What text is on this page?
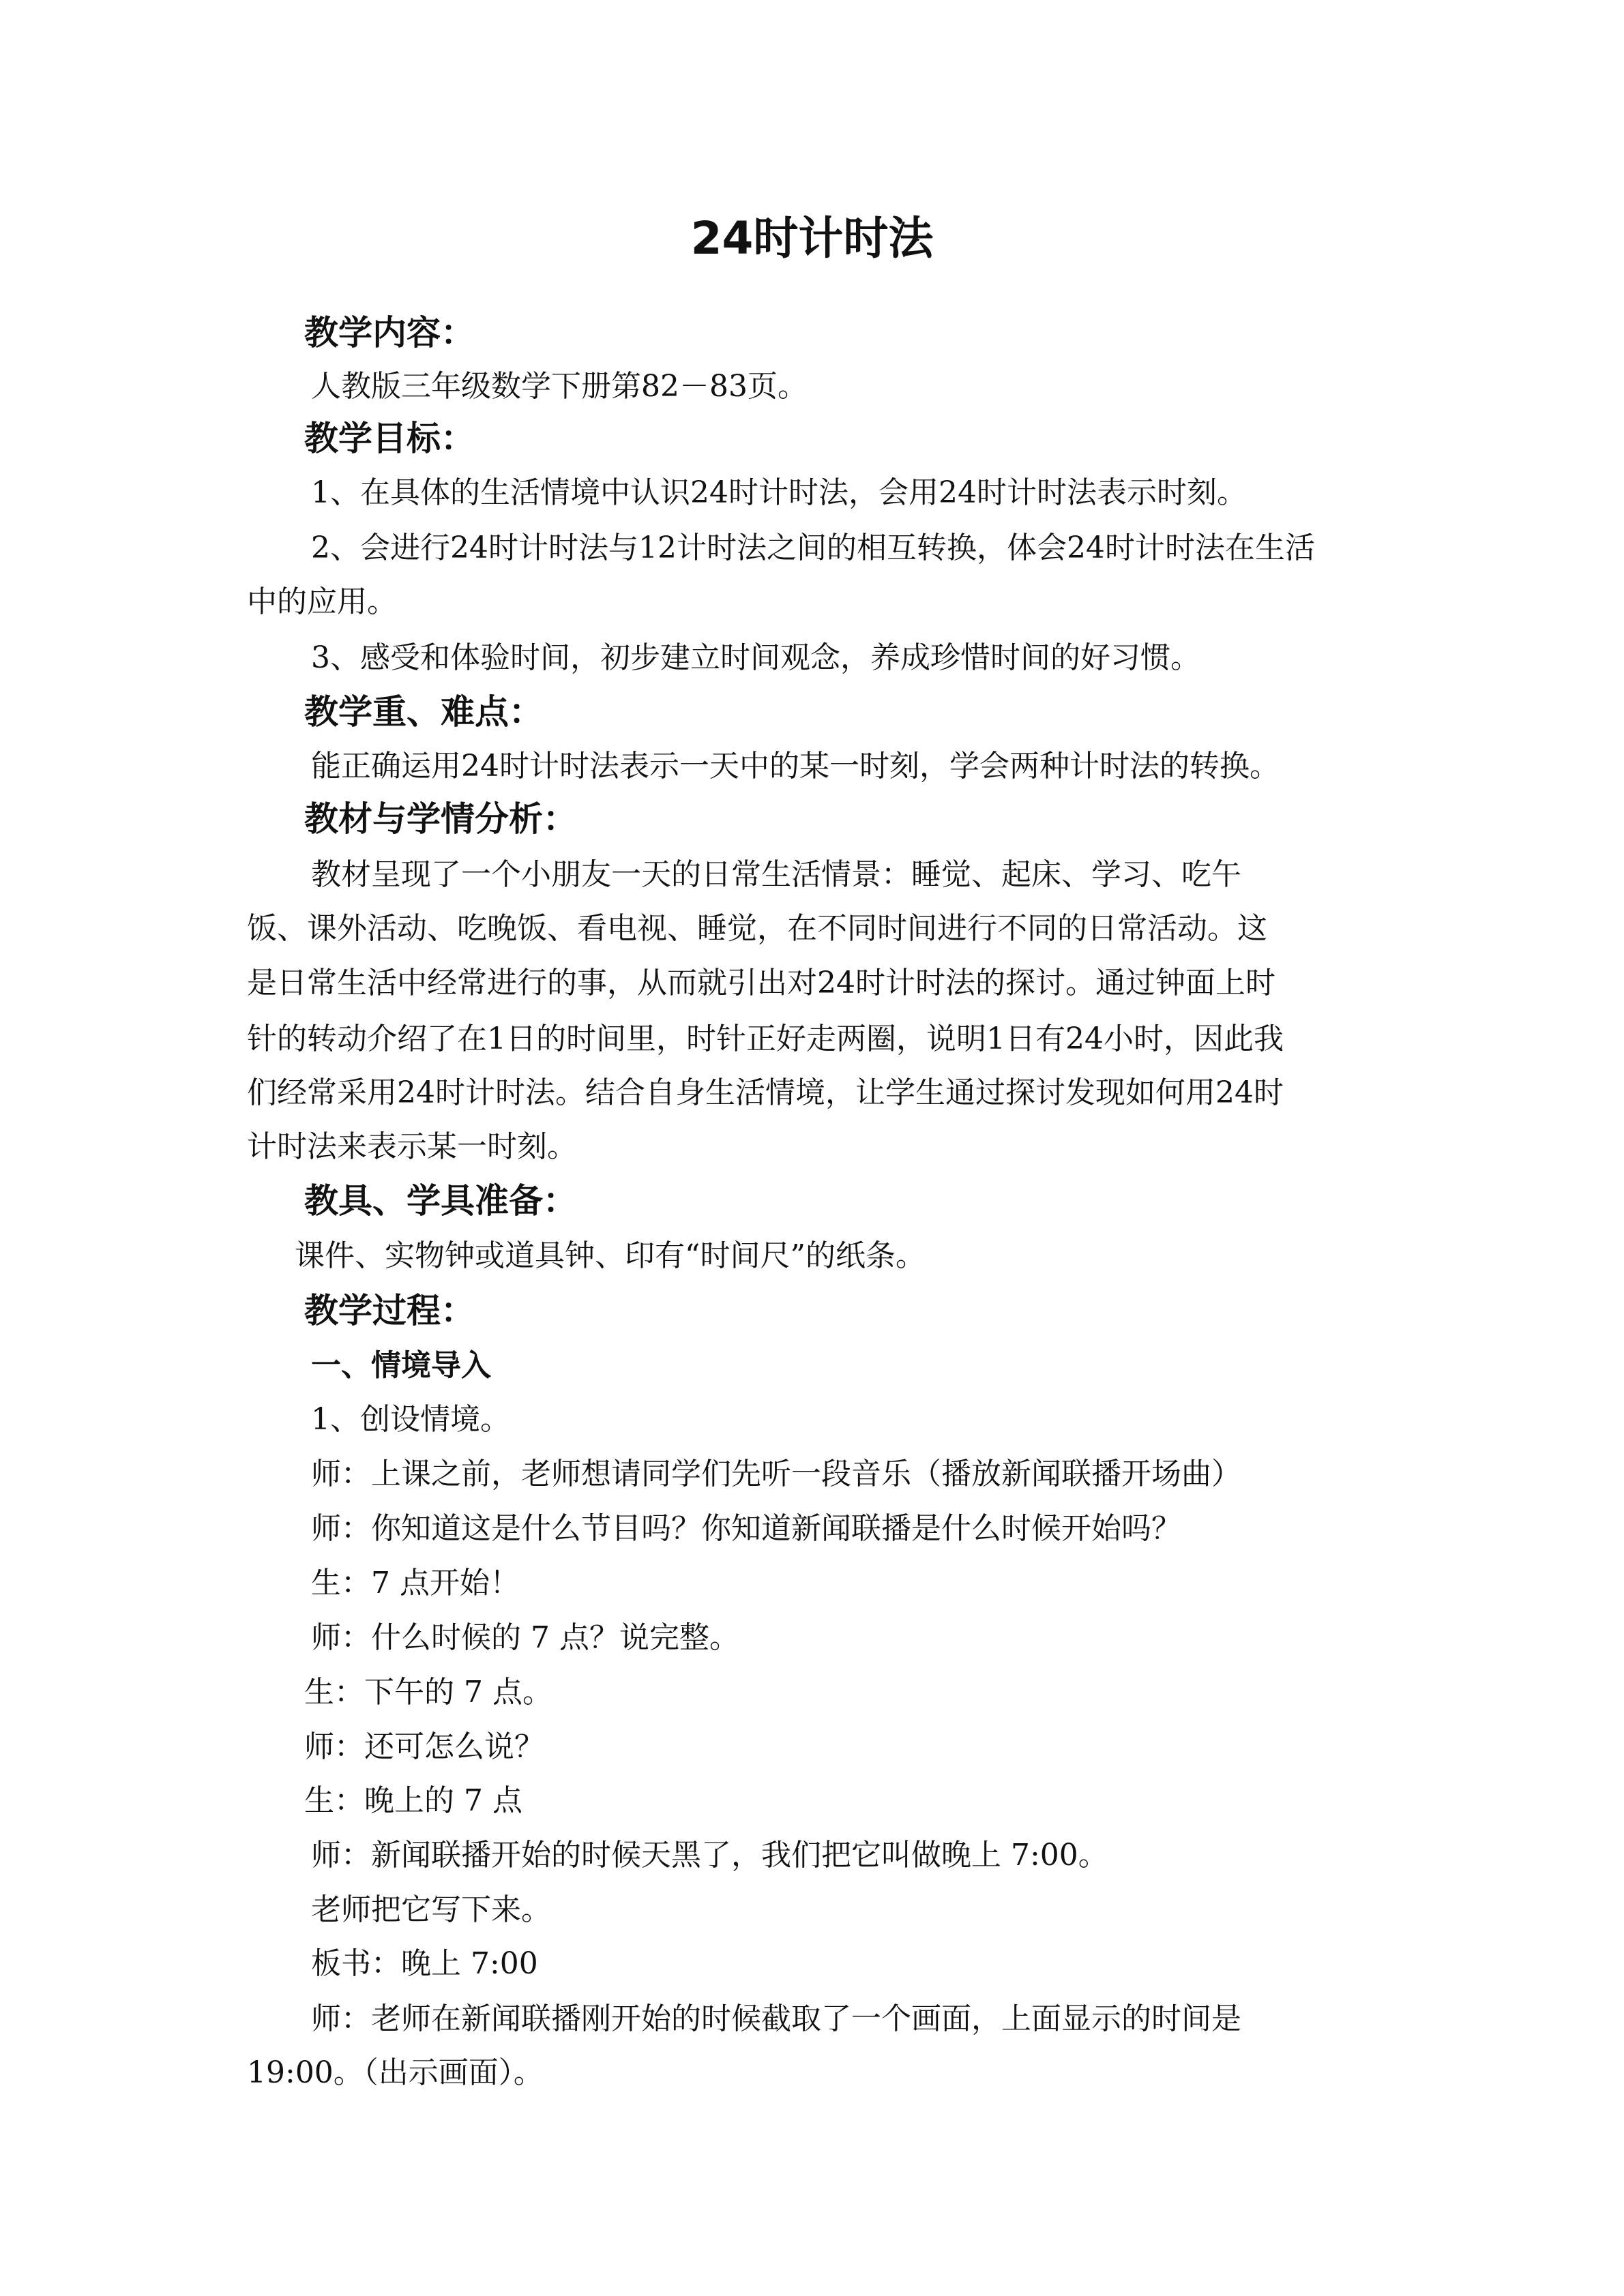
24时计时法
教学内容：
人教版三年级数学下册第82－83页。
教学目标：
1、在具体的生活情境中认识24时计时法，会用24时计时法表示时刻。
2、会进行24时计时法与12计时法之间的相互转换，体会24时计时法在生活
中的应用。
3、感受和体验时间，初步建立时间观念，养成珍惜时间的好习惯。
教学重、难点：
能正确运用24时计时法表示一天中的某一时刻，学会两种计时法的转换。
教材与学情分析：
教材呈现了一个小朋友一天的日常生活情景：睡觉、起床、学习、吃午
饭、课外活动、吃晚饭、看电视、睡觉，在不同时间进行不同的日常活动。这
是日常生活中经常进行的事，从而就引出对24时计时法的探讨。通过钟面上时
针的转动介绍了在1日的时间里，时针正好走两圈，说明1日有24小时，因此我
们经常采用24时计时法。结合自身生活情境，让学生通过探讨发现如何用24时
计时法来表示某一时刻。
教具、学具准备：
课件、实物钟或道具钟、印有“时间尺”的纸条。
教学过程：
一、情境导入
1、创设情境。
师：上课之前，老师想请同学们先听一段音乐（播放新闻联播开场曲）
师：你知道这是什么节目吗？你知道新闻联播是什么时候开始吗？
生：7 点开始！
师：什么时候的 7 点？说完整。
生：下午的 7 点。
师：还可怎么说？
生：晚上的 7 点
师：新闻联播开始的时候天黑了，我们把它叫做晚上 7:00。
老师把它写下来。
板书：晚上 7:00
师：老师在新闻联播刚开始的时候截取了一个画面，上面显示的时间是
19:00。（出示画面）。
